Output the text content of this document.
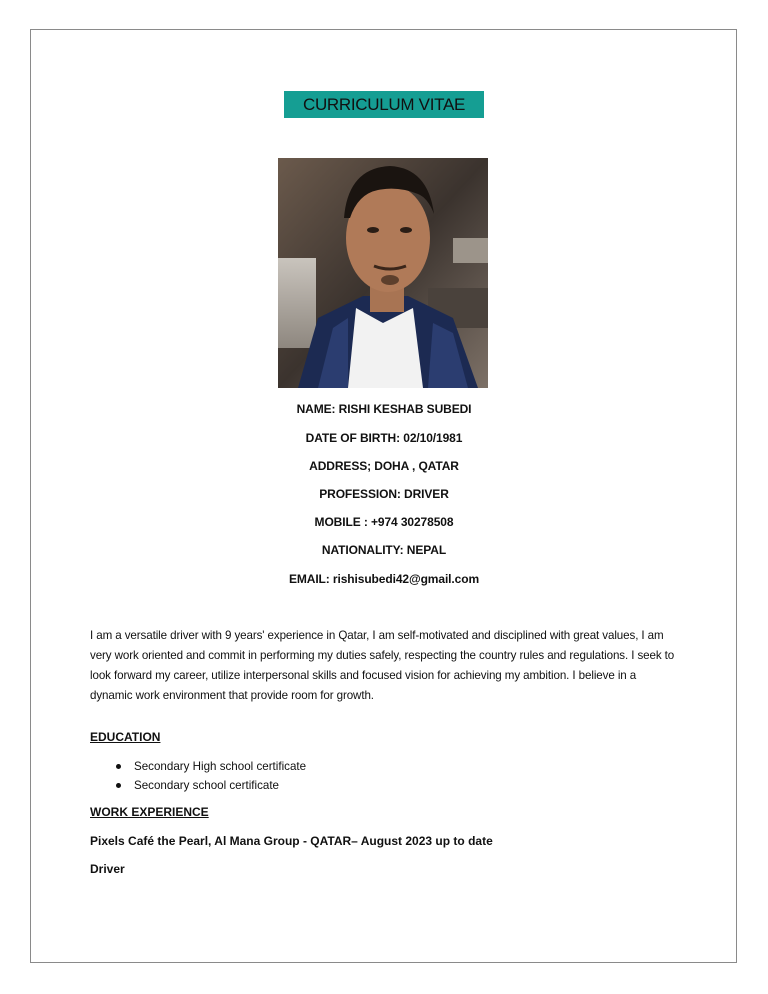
CURRICULUM VITAE
NAME: RISHI KESHAB SUBEDI
DATE OF BIRTH: 02/10/1981
ADDRESS; DOHA , QATAR
PROFESSION: DRIVER
MOBILE : +974 30278508
NATIONALITY: NEPAL
EMAIL: rishisubedi42@gmail.com
I am a versatile driver with 9 years' experience in Qatar, I am self-motivated and disciplined with great values, I am very work oriented and commit in performing my duties safely, respecting the country rules and regulations. I seek to look forward my career, utilize interpersonal skills and focused vision for achieving my ambition. I believe in a dynamic work environment that provide room for growth.
EDUCATION
Secondary High school certificate
Secondary school certificate
WORK EXPERIENCE
Pixels Café the Pearl, Al Mana Group - QATAR– August 2023 up to date
Driver
